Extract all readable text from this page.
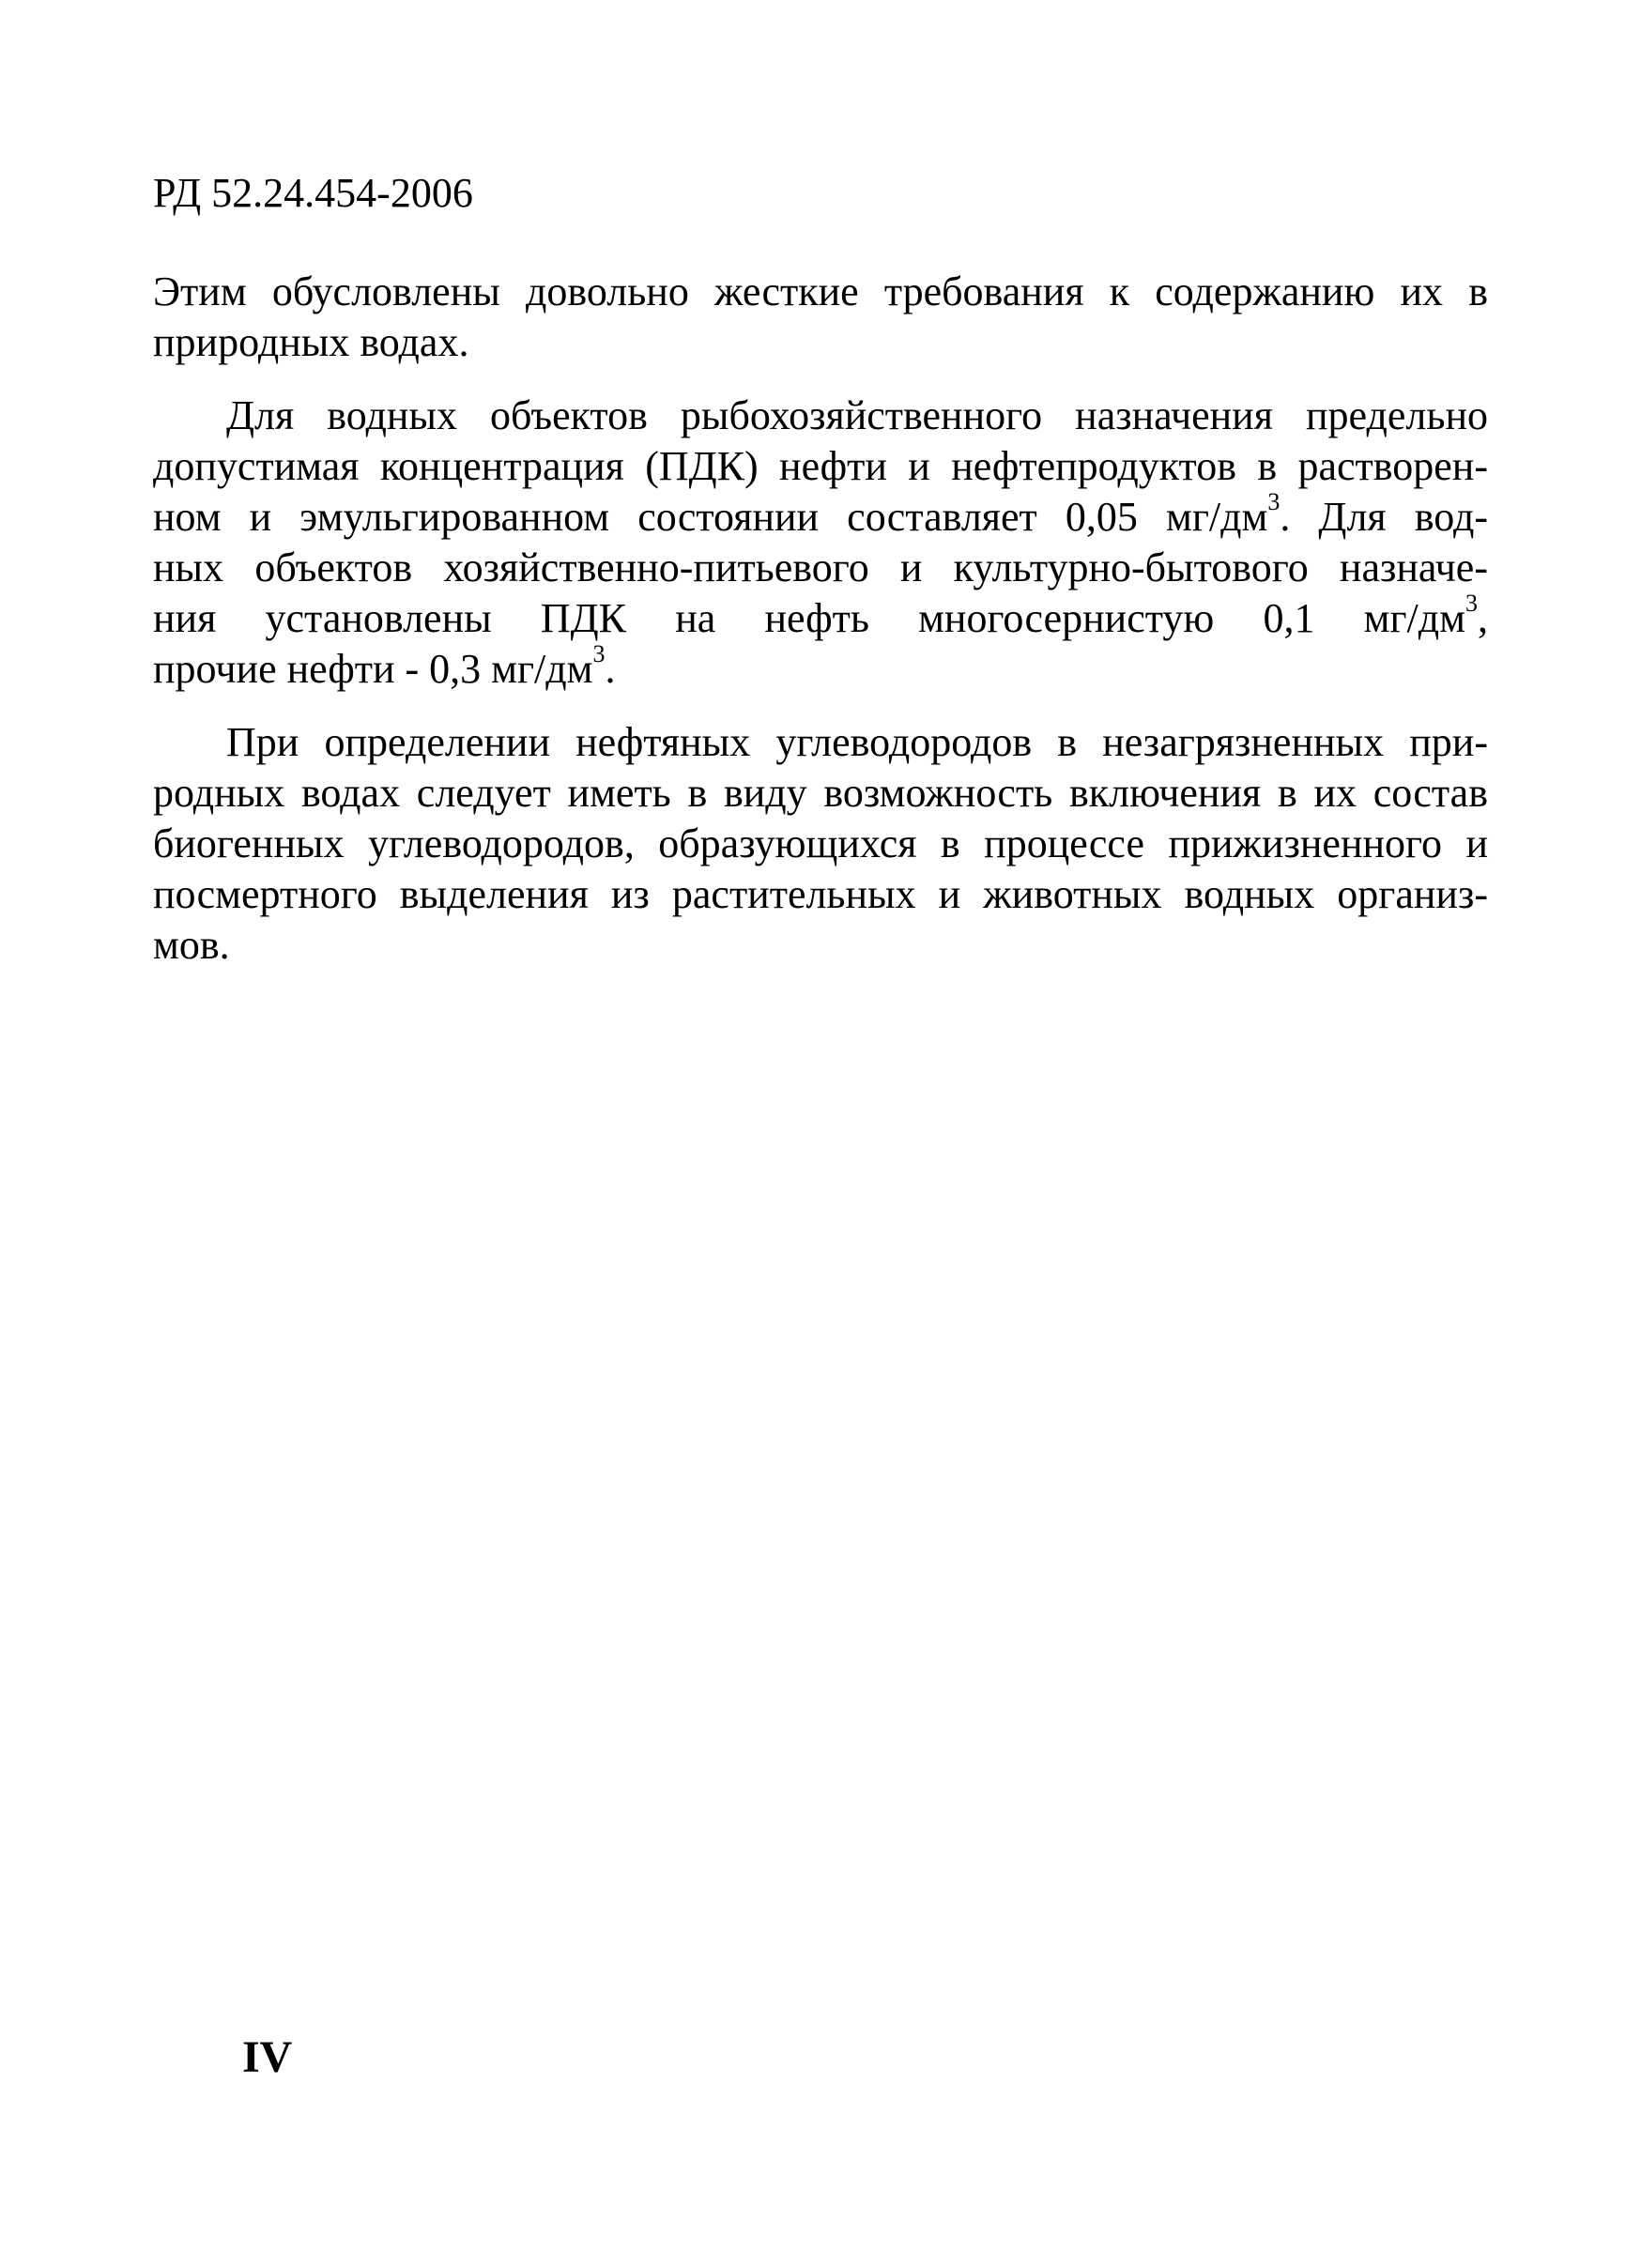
РД 52.24.454-2006
Этим обусловлены довольно жесткие требования к содержанию их в
природных водах.
Для водных объектов рыбохозяйственного назначения предельно
допустимая концентрация (ПДК) нефти и нефтепродуктов в растворен-
ном и эмульгированном состоянии составляет 0,05 $мг/дм^3$. Для вод-
ных объектов хозяйственно-питьевого и культурно-бытового назначе-
ния установлены ПДК на нефть многосернистую 0,1 $мг/дм^3$,
прочие нефти - 0,3 $мг/дм^3$.
При определении нефтяных углеводородов в незагрязненных при-
родных водах следует иметь в виду возможность включения в их состав
биогенных углеводородов, образующихся в процессе прижизненного и
посмертного выделения из растительных и животных водных организ-
мов.
IV
